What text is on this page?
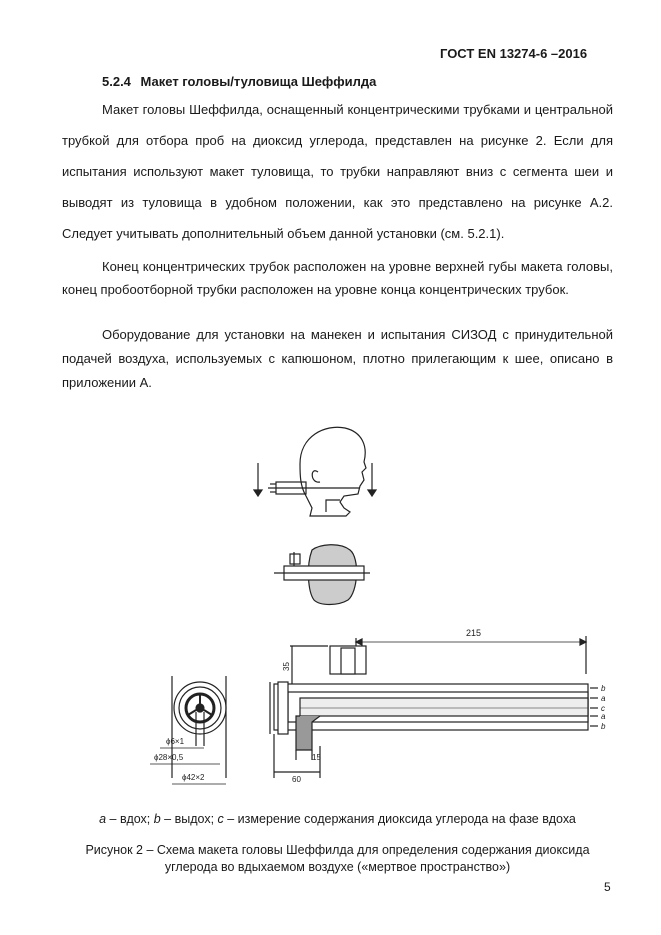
ГОСТ EN 13274-6 –2016
5.2.4 Макет головы/туловища Шеффилда

Макет головы Шеффилда, оснащенный концентрическими трубками и центральной трубкой для отбора проб на диоксид углерода, представлен на рисунке 2. Если для испытания используют макет туловища, то трубки направляют вниз с сегмента шеи и выводят из туловища в удобном положении, как это представлено на рисунке А.2. Следует учитывать дополнительный объем данной установки (см. 5.2.1).

Конец концентрических трубок расположен на уровне верхней губы макета головы, конец пробоотборной трубки расположен на уровне конца концентрических трубок.

Оборудование для установки на манекен и испытания СИЗОД с принудительной подачей воздуха, используемых с капюшоном, плотно прилегающим к шее, описано в приложении А.

215
35
b
a
c
a
b
15
60
ϕ6×1
ϕ28×0,5
ϕ42×2
a – вдох; b – выдох; c – измерение содержания диоксида углерода на фазе вдоха
Рисунок 2 – Схема макета головы Шеффилда для определения содержания диоксида
углерода во вдыхаемом воздухе («мертвое пространство»)
5
